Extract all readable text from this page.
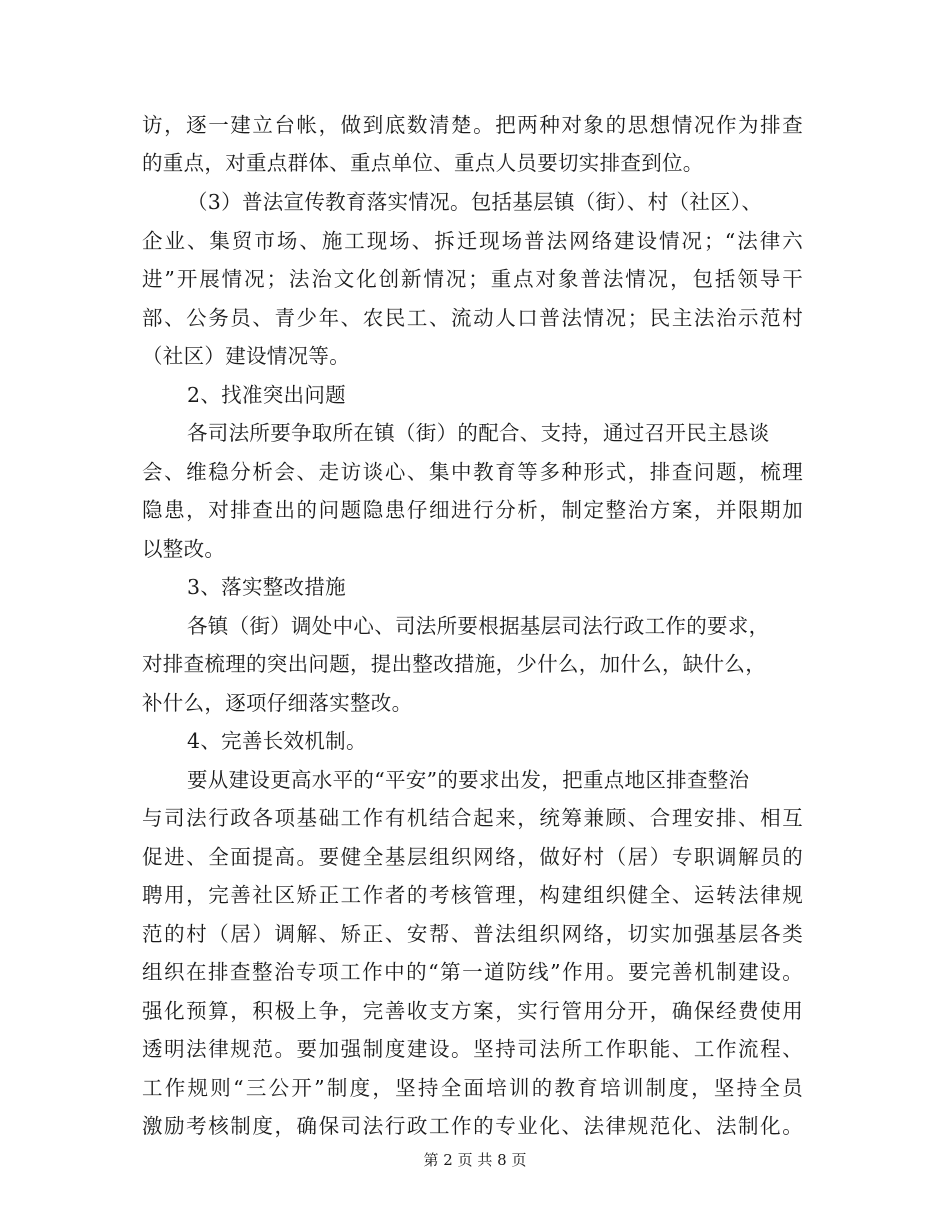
访，逐一建立台帐，做到底数清楚。把两种对象的思想情况作为排查
的重点，对重点群体、重点单位、重点人员要切实排查到位。
（3）普法宣传教育落实情况。包括基层镇（街）、村（社区）、
企业、集贸市场、施工现场、拆迁现场普法网络建设情况；“法律六
进”开展情况；法治文化创新情况；重点对象普法情况，包括领导干
部、公务员、青少年、农民工、流动人口普法情况；民主法治示范村
（社区）建设情况等。
2、找准突出问题
各司法所要争取所在镇（街）的配合、支持，通过召开民主恳谈
会、维稳分析会、走访谈心、集中教育等多种形式，排查问题，梳理
隐患，对排查出的问题隐患仔细进行分析，制定整治方案，并限期加
以整改。
3、落实整改措施
各镇（街）调处中心、司法所要根据基层司法行政工作的要求，
对排查梳理的突出问题，提出整改措施，少什么，加什么，缺什么，
补什么，逐项仔细落实整改。
4、完善长效机制。
要从建设更高水平的“平安”的要求出发，把重点地区排查整治
与司法行政各项基础工作有机结合起来，统筹兼顾、合理安排、相互
促进、全面提高。要健全基层组织网络，做好村（居）专职调解员的
聘用，完善社区矫正工作者的考核管理，构建组织健全、运转法律规
范的村（居）调解、矫正、安帮、普法组织网络，切实加强基层各类
组织在排查整治专项工作中的“第一道防线”作用。要完善机制建设。
强化预算，积极上争，完善收支方案，实行管用分开，确保经费使用
透明法律规范。要加强制度建设。坚持司法所工作职能、工作流程、
工作规则“三公开”制度，坚持全面培训的教育培训制度，坚持全员
激励考核制度，确保司法行政工作的专业化、法律规范化、法制化。
第 2 页 共 8 页
